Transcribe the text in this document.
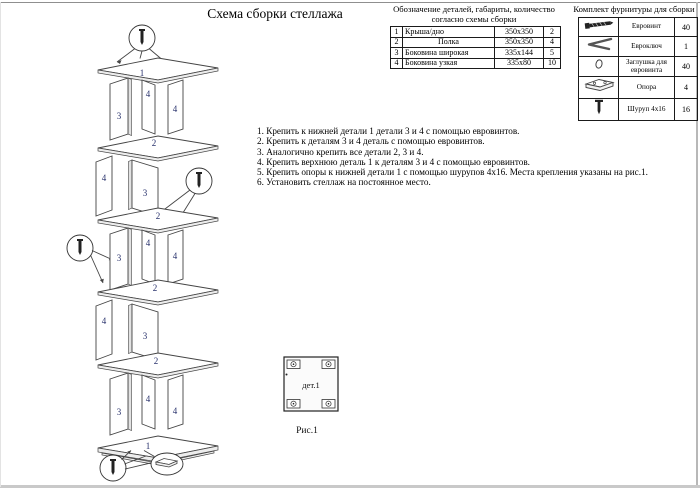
Схема сборки стеллажа	Обозначение деталей, габариты, количество
согласно схемы сборки
1	Крыша/дно	350x350	2
2	Полка	350x350	4
3	Боковина широкая	335x144	5
4	Боковина узкая	335x80	10
Комплект фурнитуры для сборки
	Евровинт	40
	Евроключ	1
	Заглушка для евровинта	40
	Опора	4
	Шуруп 4x16	16
1. Крепить к нижней детали 1 детали 3 и 4 с помощью евровинтов.
2. Крепить к деталям 3 и 4 деталь с помощью евровинтов.
3. Аналогично крепить все детали 2, 3 и 4.
4. Крепить верхнюю деталь 1 к деталям 3 и 4 с помощью евровинтов.
5. Крепить опоры к нижней детали 1 с помощью шурупов 4x16. Места крепления указаны на рис.1.
6. Установить стеллаж на постоянное место.
1
3
4
4
2
4
3
2
3
4
4
2
4
3
2
3
4
4
1
дет.1
Рис.1
